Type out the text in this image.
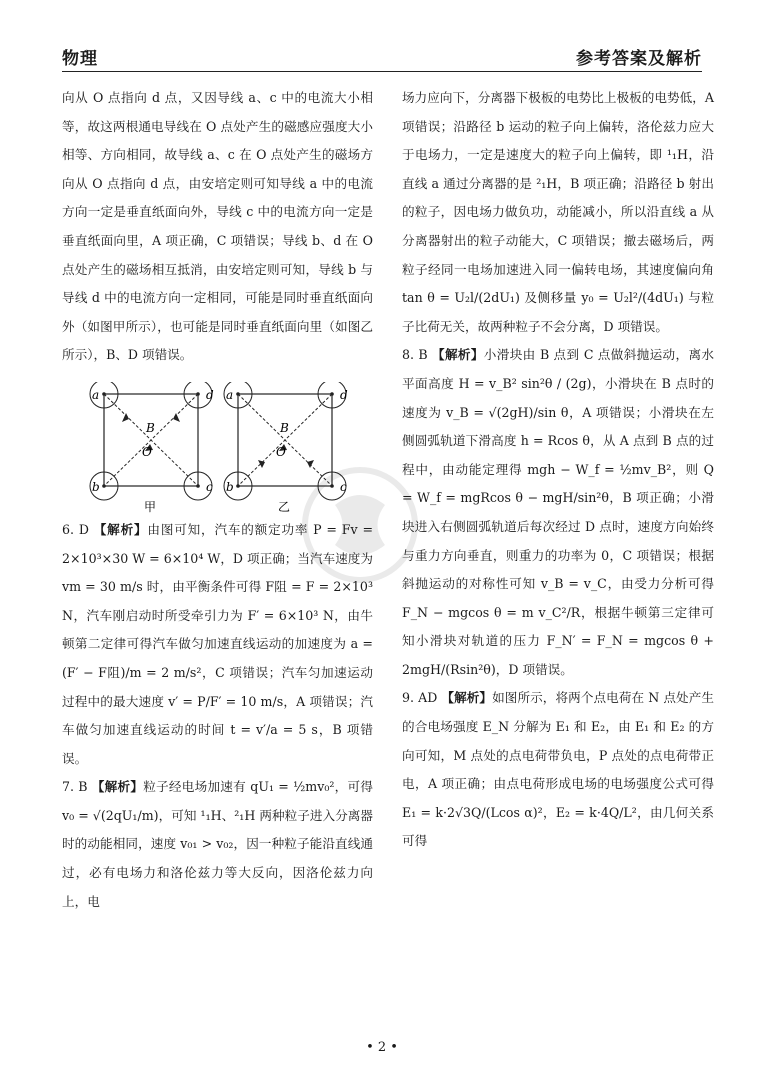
物理	参考答案及解析

向从 O 点指向 d 点，又因导线 a、c 中的电流大小相等，故这两根通电导线在 O 点处产生的磁感应强度大小相等、方向相同，故导线 a、c 在 O 点处产生的磁场方向从 O 点指向 d 点，由安培定则可知导线 a 中的电流方向一定是垂直纸面向外，导线 c 中的电流方向一定是垂直纸面向里，A 项正确，C 项错误；导线 b、d 在 O 点处产生的磁场相互抵消，由安培定则可知，导线 b 与导线 d 中的电流方向一定相同，可能是同时垂直纸面向外（如图甲所示），也可能是同时垂直纸面向里（如图乙所示），B、D 项错误。

a	d
b	c
B
O
甲
a	d
b	c
B
O
乙

6. D 【解析】由图可知，汽车的额定功率 P = Fv = 2×10³×30 W = 6×10⁴ W，D 项正确；当汽车速度为 vm = 30 m/s 时，由平衡条件可得 F阻 = F = 2×10³ N，汽车刚启动时所受牵引力为 F′ = 6×10³ N，由牛顿第二定律可得汽车做匀加速直线运动的加速度为 a = (F′ − F阻)/m = 2 m/s²，C 项错误；汽车匀加速运动过程中的最大速度 v′ = P/F′ = 10 m/s，A 项错误；汽车做匀加速直线运动的时间 t = v′/a = 5 s，B 项错误。

7. B 【解析】粒子经电场加速有 qU₁ = ½mv₀²，可得 v₀ = √(2qU₁/m)，可知 ¹₁H、²₁H 两种粒子进入分离器时的动能相同，速度 v₀₁ > v₀₂，因一种粒子能沿直线通过，必有电场力和洛伦兹力等大反向，因洛伦兹力向上，电

场力应向下，分离器下极板的电势比上极板的电势低，A 项错误；沿路径 b 运动的粒子向上偏转，洛伦兹力应大于电场力，一定是速度大的粒子向上偏转，即 ¹₁H，沿直线 a 通过分离器的是 ²₁H，B 项正确；沿路径 b 射出的粒子，因电场力做负功，动能减小，所以沿直线 a 从分离器射出的粒子动能大，C 项错误；撤去磁场后，两粒子经同一电场加速进入同一偏转电场，其速度偏向角 tan θ = U₂l/(2dU₁) 及侧移量 y₀ = U₂l²/(4dU₁) 与粒子比荷无关，故两种粒子不会分离，D 项错误。

8. B 【解析】小滑块由 B 点到 C 点做斜抛运动，离水平面高度 H = v_B² sin²θ / (2g)，小滑块在 B 点时的速度为 v_B = √(2gH)/sin θ，A 项错误；小滑块在左侧圆弧轨道下滑高度 h = Rcos θ，从 A 点到 B 点的过程中，由动能定理得 mgh − W_f = ½mv_B²，则 Q = W_f = mgRcos θ − mgH/sin²θ，B 项正确；小滑块进入右侧圆弧轨道后每次经过 D 点时，速度方向始终与重力方向垂直，则重力的功率为 0，C 项错误；根据斜抛运动的对称性可知 v_B = v_C，由受力分析可得 F_N − mgcos θ = m v_C²/R，根据牛顿第三定律可知小滑块对轨道的压力 F_N′ = F_N = mgcos θ + 2mgH/(Rsin²θ)，D 项错误。

9. AD 【解析】如图所示，将两个点电荷在 N 点处产生的合电场强度 E_N 分解为 E₁ 和 E₂，由 E₁ 和 E₂ 的方向可知，M 点处的点电荷带负电，P 点处的点电荷带正电，A 项正确；由点电荷形成电场的电场强度公式可得 E₁ = k·2√3Q/(Lcos α)²，E₂ = k·4Q/L²，由几何关系可得

• 2 •
